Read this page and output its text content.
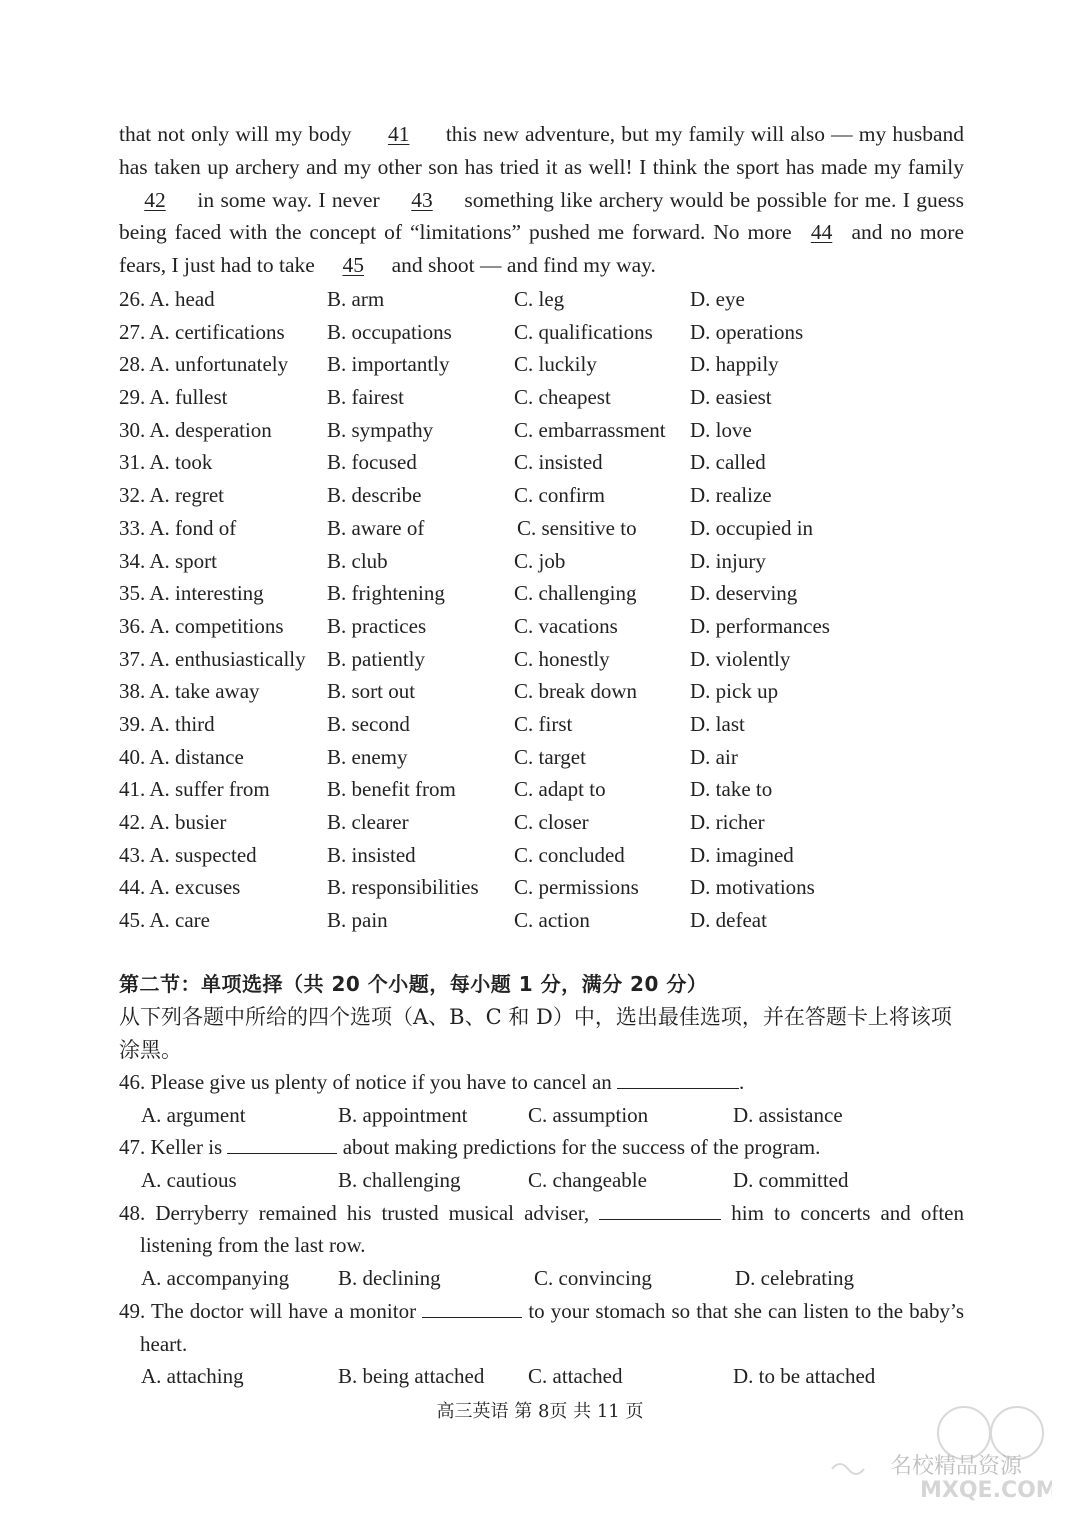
that not only will my body 41 this new adventure, but my family will also — my husband has taken up archery and my other son has tried it as well! I think the sport has made my family 42 in some way. I never 43 something like archery would be possible for me. I guess being faced with the concept of “limitations” pushed me forward. No more 44 and no more fears, I just had to take 45 and shoot — and find my way.

26. A. head	B. arm	C. leg	D. eye
27. A. certifications B. occupations	C. qualifications D. operations
28. A. unfortunately B. importantly	C. luckily	D. happily
29. A. fullest	B. fairest	C. cheapest	D. easiest
30. A. desperation	B. sympathy	C. embarrassment D. love
31. A. took	B. focused	C. insisted	D. called
32. A. regret	B. describe	C. confirm	D. realize
33. A. fond of	B. aware of	C. sensitive to	D. occupied in
34. A. sport	B. club	C. job	D. injury
35. A. interesting	B. frightening	C. challenging	D. deserving
36. A. competitions B. practices	C. vacations	D. performances
37. A. enthusiastically B. patiently	C. honestly	D. violently
38. A. take away	B. sort out	C. break down	D. pick up
39. A. third	B. second	C. first	D. last
40. A. distance	B. enemy	C. target	D. air
41. A. suffer from	B. benefit from	C. adapt to	D. take to
42. A. busier	B. clearer	C. closer	D. richer
43. A. suspected	B. insisted	C. concluded	D. imagined
44. A. excuses	B. responsibilities C. permissions D. motivations
45. A. care	B. pain	C. action	D. defeat
第二节：单项选择（共 20 个小题，每小题 1 分，满分 20 分）
从下列各题中所给的四个选项（A、B、C 和 D）中，选出最佳选项，并在答题卡上将该项涂黑。
46. Please give us plenty of notice if you have to cancel an	.
A. argument	B. appointment	C. assumption	D. assistance
47. Keller is	about making predictions for the success of the program.
A. cautious	B. challenging	C. changeable	D. committed
48. Derryberry remained his trusted musical adviser,	him to concerts and often listening from the last row.
A. accompanying B. declining	C. convincing	D. celebrating
49. The doctor will have a monitor	to your stomach so that she can listen to the baby’s heart.
A. attaching	B. being attached C. attached	D. to be attached
高三英语 第 8页 共 11 页
名校精品资源
MXQE.COM
